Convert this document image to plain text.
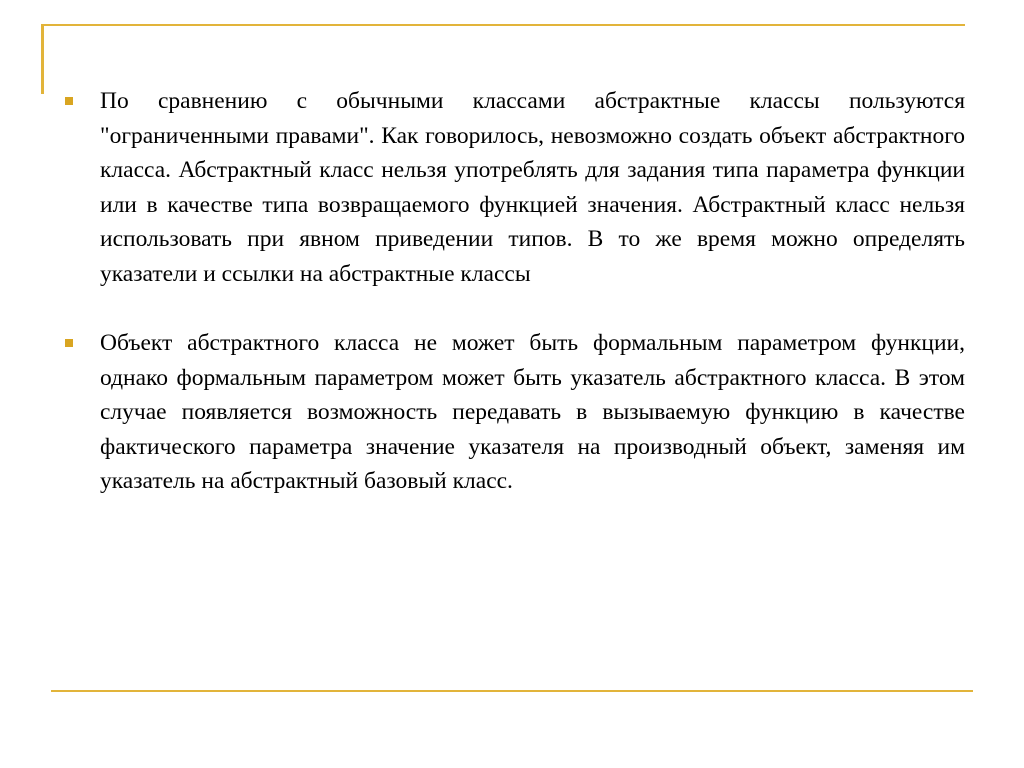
По сравнению с обычными классами абстрактные классы пользуются "ограниченными правами". Как говорилось, невозможно создать объект абстрактного класса. Абстрактный класс нельзя употреблять для задания типа параметра функции или в качестве типа возвращаемого функцией значения. Абстрактный класс нельзя использовать при явном приведении типов. В то же время можно определять указатели и ссылки на абстрактные классы

Объект абстрактного класса не может быть формальным параметром функции, однако формальным параметром может быть указатель абстрактного класса. В этом случае появляется возможность передавать в вызываемую функцию в качестве фактического параметра значение указателя на производный объект, заменяя им указатель на абстрактный базовый класс.
